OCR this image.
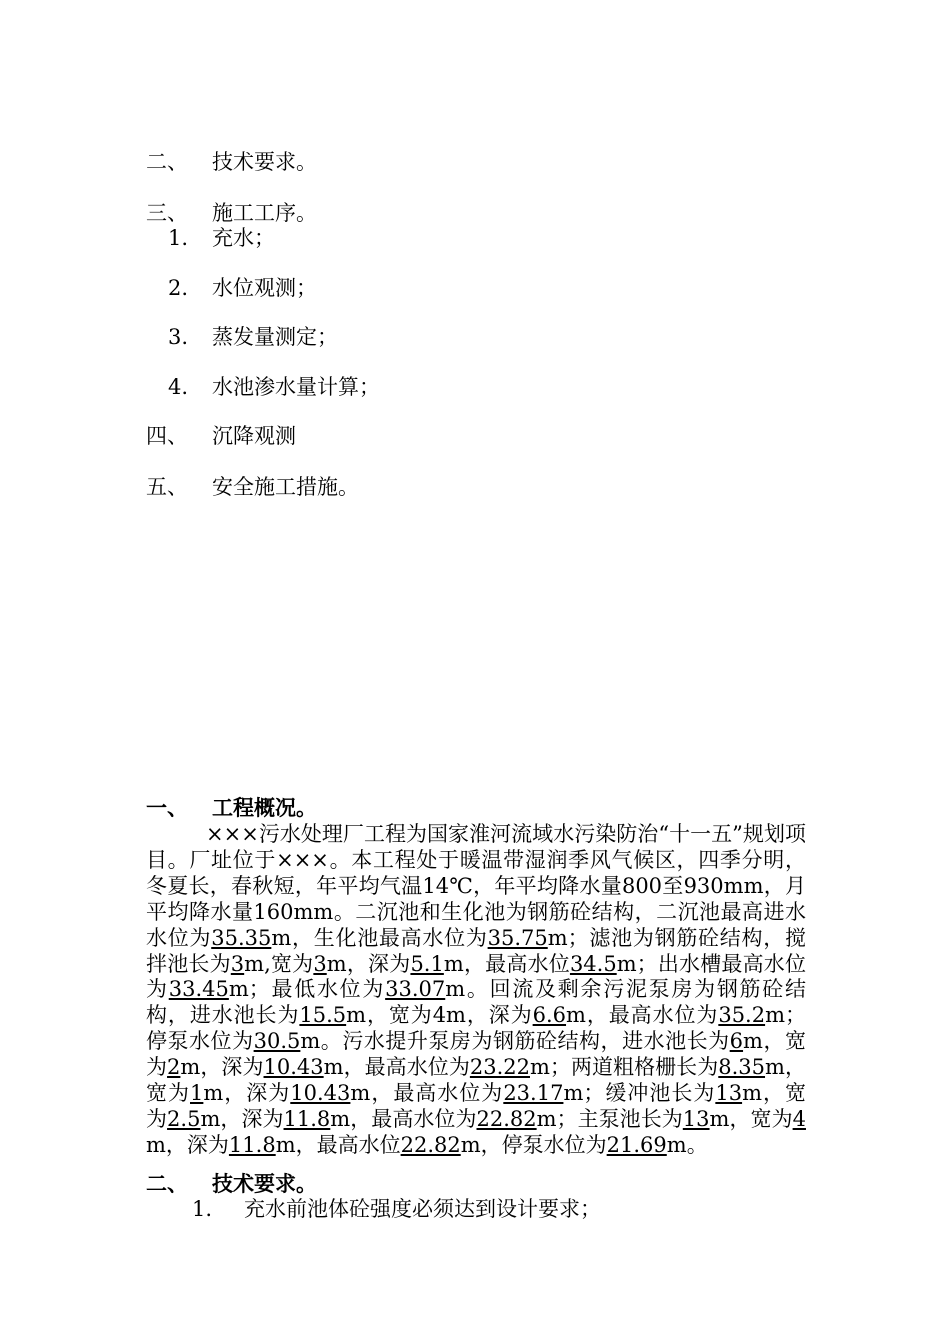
二、 技术要求。
三、 施工工序。
1. 充水；
2. 水位观测；
3. 蒸发量测定；
4. 水池渗水量计算；
四、 沉降观测
五、 安全施工措施。
一、 工程概况。

×××污水处理厂工程为国家淮河流域水污染防治“十一五”规划项目。厂址位于×××。本工程处于暖温带湿润季风气候区，四季分明，冬夏长，春秋短，年平均气温14℃，年平均降水量800至930mm，月平均降水量160mm。二沉池和生化池为钢筋砼结构，二沉池最高进水水位为35.35m，生化池最高水位为35.75m；滤池为钢筋砼结构，搅拌池长为3m,宽为3m，深为5.1m，最高水位34.5m；出水槽最高水位为33.45m；最低水位为33.07m。回流及剩余污泥泵房为钢筋砼结构，进水池长为15.5m，宽为4m，深为6.6m，最高水位为35.2m；停泵水位为30.5m。污水提升泵房为钢筋砼结构，进水池长为6m，宽为2m，深为10.43m，最高水位为23.22m；两道粗格栅长为8.35m，宽为1m，深为10.43m，最高水位为23.17m；缓冲池长为13m，宽为2.5m，深为11.8m，最高水位为22.82m；主泵池长为13m，宽为4m，深为11.8m，最高水位22.82m，停泵水位为21.69m。

二、 技术要求。
1. 充水前池体砼强度必须达到设计要求；
